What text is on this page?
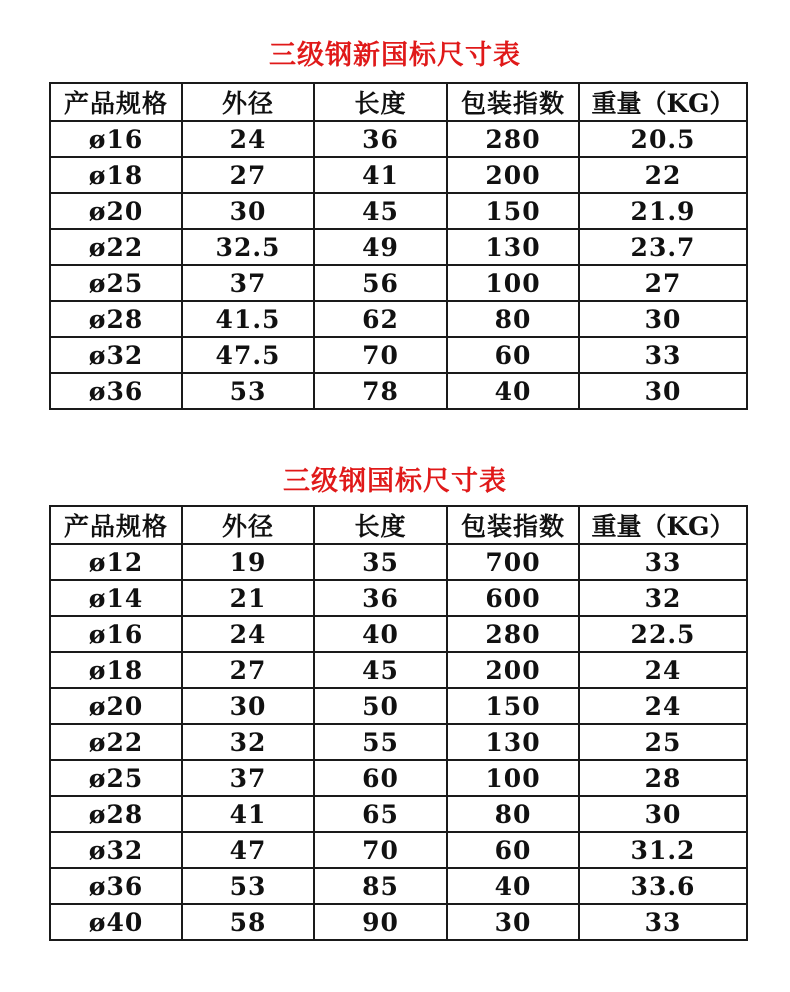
三级钢新国标尺寸表
产品规格	外径	长度	包装指数	重量（KG）
ø16	24	36	280	20.5
ø18	27	41	200	22
ø20	30	45	150	21.9
ø22	32.5	49	130	23.7
ø25	37	56	100	27
ø28	41.5	62	80	30
ø32	47.5	70	60	33
ø36	53	78	40	30
三级钢国标尺寸表
产品规格	外径	长度	包装指数	重量（KG）
ø12	19	35	700	33
ø14	21	36	600	32
ø16	24	40	280	22.5
ø18	27	45	200	24
ø20	30	50	150	24
ø22	32	55	130	25
ø25	37	60	100	28
ø28	41	65	80	30
ø32	47	70	60	31.2
ø36	53	85	40	33.6
ø40	58	90	30	33
